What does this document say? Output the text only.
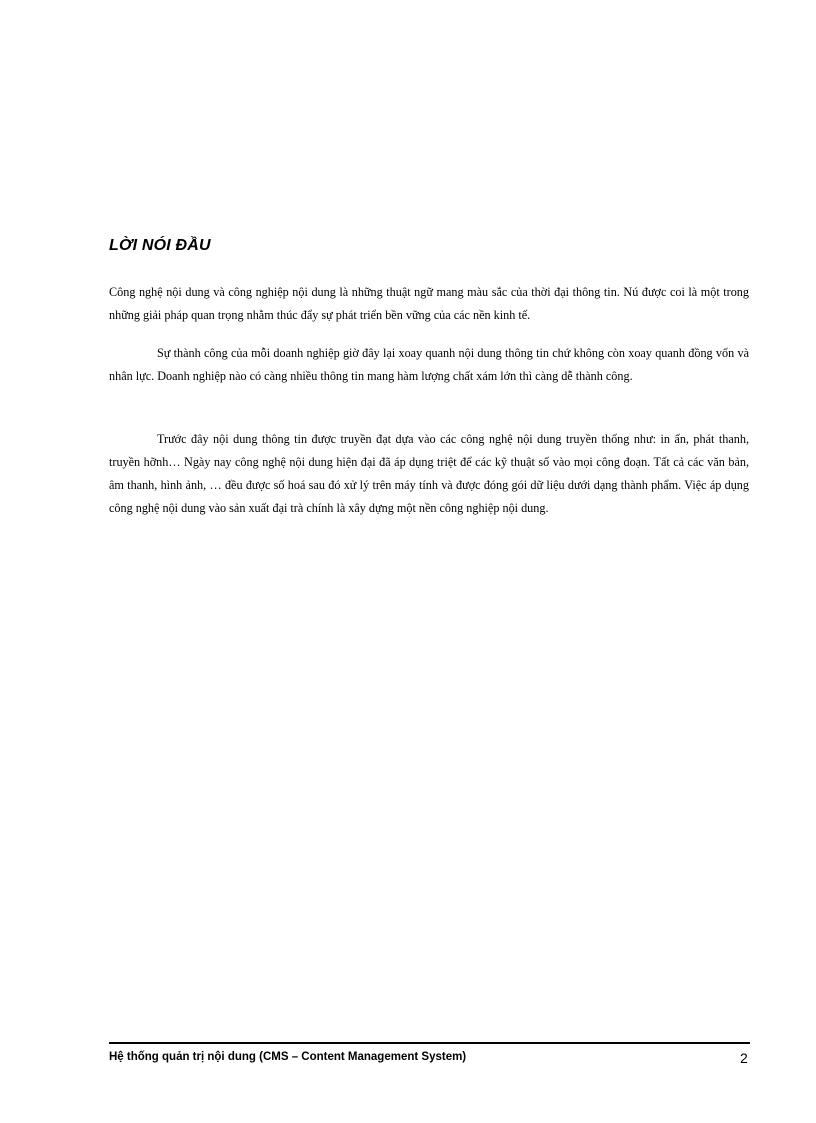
LỜI NÓI ĐẦU

Công nghệ nội dung và công nghiệp nội dung là những thuật ngữ mang màu sắc của thời đại thông tin. Nú được coi là một trong những giải pháp quan trọng nhằm thúc đẩy sự phát triển bền vững của các nền kinh tế.

Sự thành công của mỗi doanh nghiệp giờ đây lại xoay quanh nội dung thông tin chứ không còn xoay quanh đồng vốn và nhân lực. Doanh nghiệp nào có càng nhiều thông tin mang hàm lượng chất xám lớn thì càng dễ thành công.

Trước đây nội dung thông tin được truyền đạt dựa vào các công nghệ nội dung truyền thống như: in ấn, phát thanh, truyền hỡnh… Ngày nay công nghệ nội dung hiện đại đã áp dụng triệt để các kỹ thuật số vào mọi công đoạn. Tất cả các văn bản, âm thanh, hình ảnh, … đều được số hoá sau đó xử lý trên máy tính và được đóng gói dữ liệu dưới dạng thành phẩm. Việc áp dụng công nghệ nội dung vào sản xuất đại trà chính là xây dựng một nền công nghiệp nội dung.

Hệ thống quản trị nội dung (CMS – Content Management System)	2
